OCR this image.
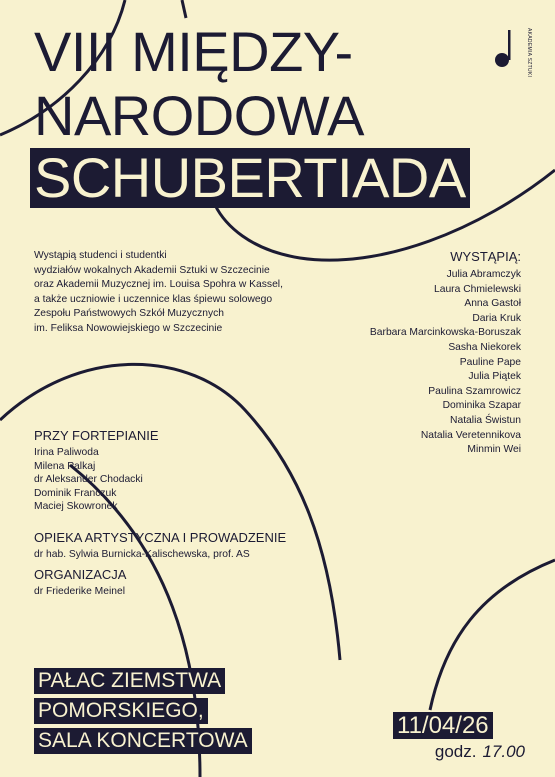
VIII MIĘDZY-
NARODOWA
SCHUBERTIADA
AKADEMIA SZTUKI
Wystąpią studenci i studentki
wydziałów wokalnych Akademii Sztuki w Szczecinie
oraz Akademii Muzycznej im. Louisa Spohra w Kassel,
a także uczniowie i uczennice klas śpiewu solowego
Zespołu Państwowych Szkół Muzycznych
im. Feliksa Nowowiejskiego w Szczecinie
WYSTĄPIĄ:
Julia Abramczyk
Laura Chmielewski
Anna Gastoł
Daria Kruk
Barbara Marcinkowska-Boruszak
Sasha Niekorek
Pauline Pape
Julia Piątek
Paulina Szamrowicz
Dominika Szapar
Natalia Świstun
Natalia Veretennikova
Minmin Wei
PRZY FORTEPIANIE
Irina Paliwoda
Milena Palkaj
dr Aleksander Chodacki
Dominik Franczuk
Maciej Skowronek
OPIEKA ARTYSTYCZNA I PROWADZENIE
dr hab. Sylwia Burnicka-Kalischewska, prof. AS
ORGANIZACJA
dr Friederike Meinel
PAŁAC ZIEMSTWA
POMORSKIEGO,
SALA KONCERTOWA
11/04/26
godz. 17.00
